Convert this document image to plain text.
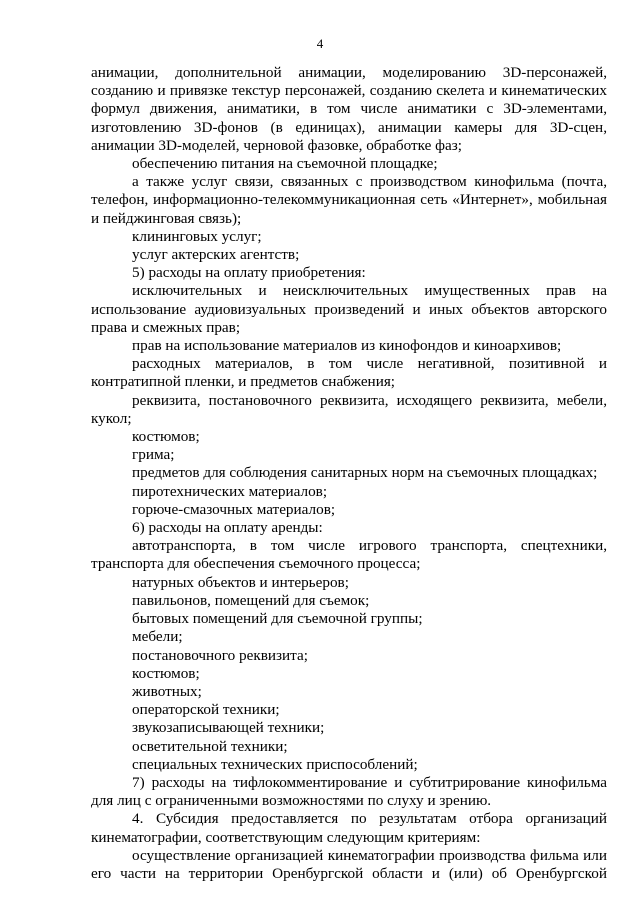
4

анимации, дополнительной анимации, моделированию 3D-персонажей, созданию и привязке текстур персонажей, созданию скелета и кинематических формул движения, аниматики, в том числе аниматики с 3D-элементами, изготовлению 3D-фонов (в единицах), анимации камеры для 3D-сцен, анимации 3D-моделей, черновой фазовке, обработке фаз;

обеспечению питания на съемочной площадке;

а также услуг связи, связанных с производством кинофильма (почта, телефон, информационно-телекоммуникационная сеть «Интернет», мобильная и пейджинговая связь);

клининговых услуг;

услуг актерских агентств;

5) расходы на оплату приобретения:

исключительных и неисключительных имущественных прав на использование аудиовизуальных произведений и иных объектов авторского права и смежных прав;

прав на использование материалов из кинофондов и киноархивов;

расходных материалов, в том числе негативной, позитивной и контратипной пленки, и предметов снабжения;

реквизита, постановочного реквизита, исходящего реквизита, мебели, кукол;

костюмов;

грима;

предметов для соблюдения санитарных норм на съемочных площадках;

пиротехнических материалов;

горюче-смазочных материалов;

6) расходы на оплату аренды:

автотранспорта, в том числе игрового транспорта, спецтехники, транспорта для обеспечения съемочного процесса;

натурных объектов и интерьеров;

павильонов, помещений для съемок;

бытовых помещений для съемочной группы;

мебели;

постановочного реквизита;

костюмов;

животных;

операторской техники;

звукозаписывающей техники;

осветительной техники;

специальных технических приспособлений;

7) расходы на тифлокомментирование и субтитрирование кинофильма для лиц с ограниченными возможностями по слуху и зрению.

4. Субсидия предоставляется по результатам отбора организаций кинематографии, соответствующим следующим критериям:

осуществление организацией кинематографии производства фильма или его части на территории Оренбургской области и (или) об Оренбургской
